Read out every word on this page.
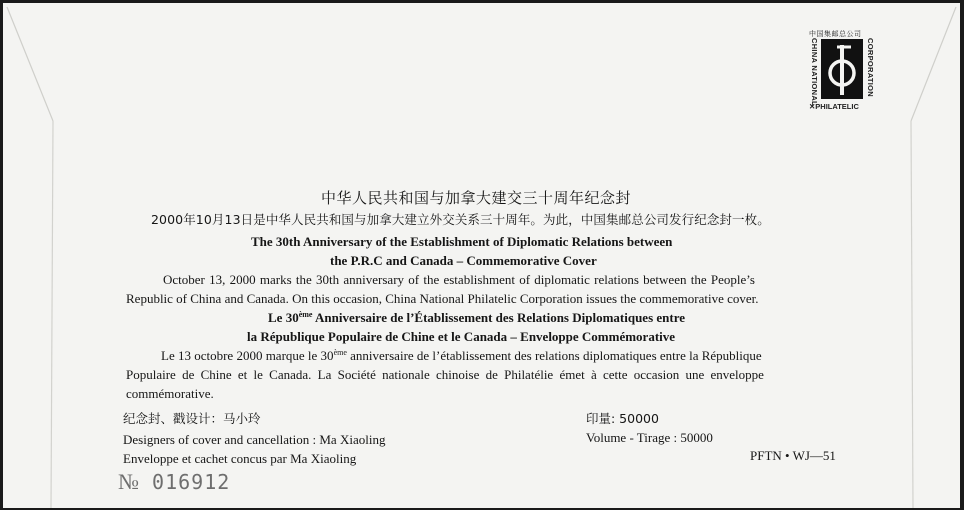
中国集邮总公司
CHINA NATIONAL	CORPORATION
✕PHILATELIC
中华人民共和国与加拿大建交三十周年纪念封
2000年10月13日是中华人民共和国与加拿大建立外交关系三十周年。为此，中国集邮总公司发行纪念封一枚。
The 30th Anniversary of the Establishment of Diplomatic Relations between
the P.R.C and Canada – Commemorative Cover
October 13, 2000 marks the 30th anniversary of the establishment of diplomatic relations between the People’s
Republic of China and Canada. On this occasion, China National Philatelic Corporation issues the commemorative cover.
Le 30ème Anniversaire de l’Établissement des Relations Diplomatiques entre
la République Populaire de Chine et le Canada – Enveloppe Commémorative
Le 13 octobre 2000 marque le 30ème anniversaire de l’établissement des relations diplomatiques entre la République
Populaire de Chine et le Canada. La Société nationale chinoise de Philatélie émet à cette occasion une enveloppe
commémorative.
纪念封、戳设计：马小玲
Designers of cover and cancellation : Ma Xiaoling
Enveloppe et cachet concus par Ma Xiaoling
印量: 50000
Volume - Tirage : 50000
PFTN • WJ—51
№ 016912
